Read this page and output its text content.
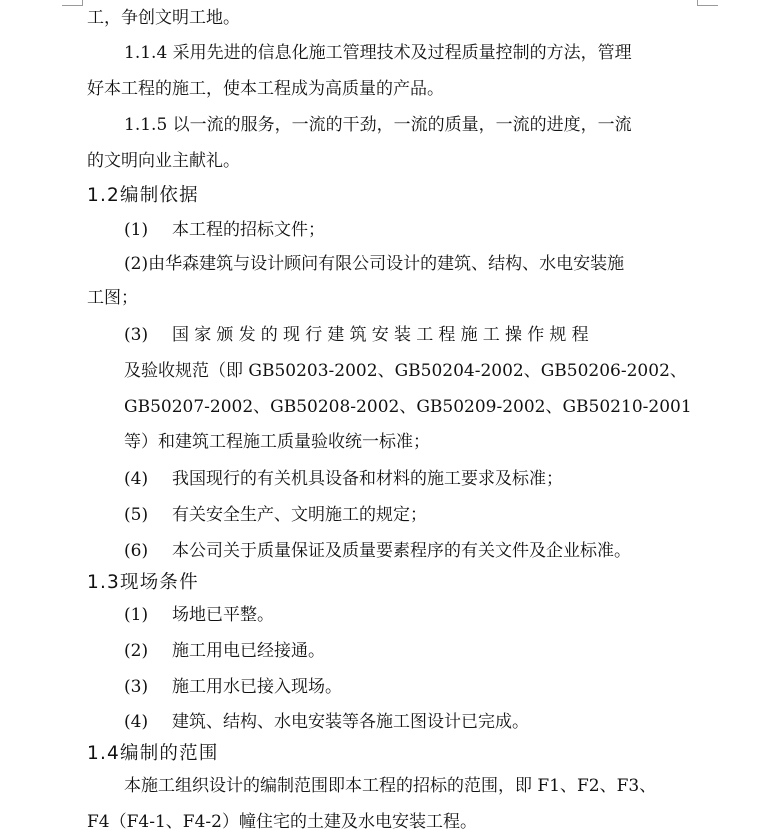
工，争创文明工地。
1.1.4 采用先进的信息化施工管理技术及过程质量控制的方法，管理
好本工程的施工，使本工程成为高质量的产品。
1.1.5 以一流的服务，一流的干劲，一流的质量，一流的进度，一流
的文明向业主献礼。
1.2编制依据
(1) 本工程的招标文件；
(2)由华森建筑与设计顾问有限公司设计的建筑、结构、水电安装施
工图；
(3) 国家颁发的现行建筑安装工程施工操作规程
及验收规范（即 GB50203-2002、GB50204-2002、GB50206-2002、
GB50207-2002、GB50208-2002、GB50209-2002、GB50210-2001
等）和建筑工程施工质量验收统一标准；
(4) 我国现行的有关机具设备和材料的施工要求及标准；
(5) 有关安全生产、文明施工的规定；
(6) 本公司关于质量保证及质量要素程序的有关文件及企业标准。
1.3现场条件
(1) 场地已平整。
(2) 施工用电已经接通。
(3) 施工用水已接入现场。
(4) 建筑、结构、水电安装等各施工图设计已完成。
1.4编制的范围
本施工组织设计的编制范围即本工程的招标的范围，即 F1、F2、F3、
F4（F4-1、F4-2）幢住宅的土建及水电安装工程。
